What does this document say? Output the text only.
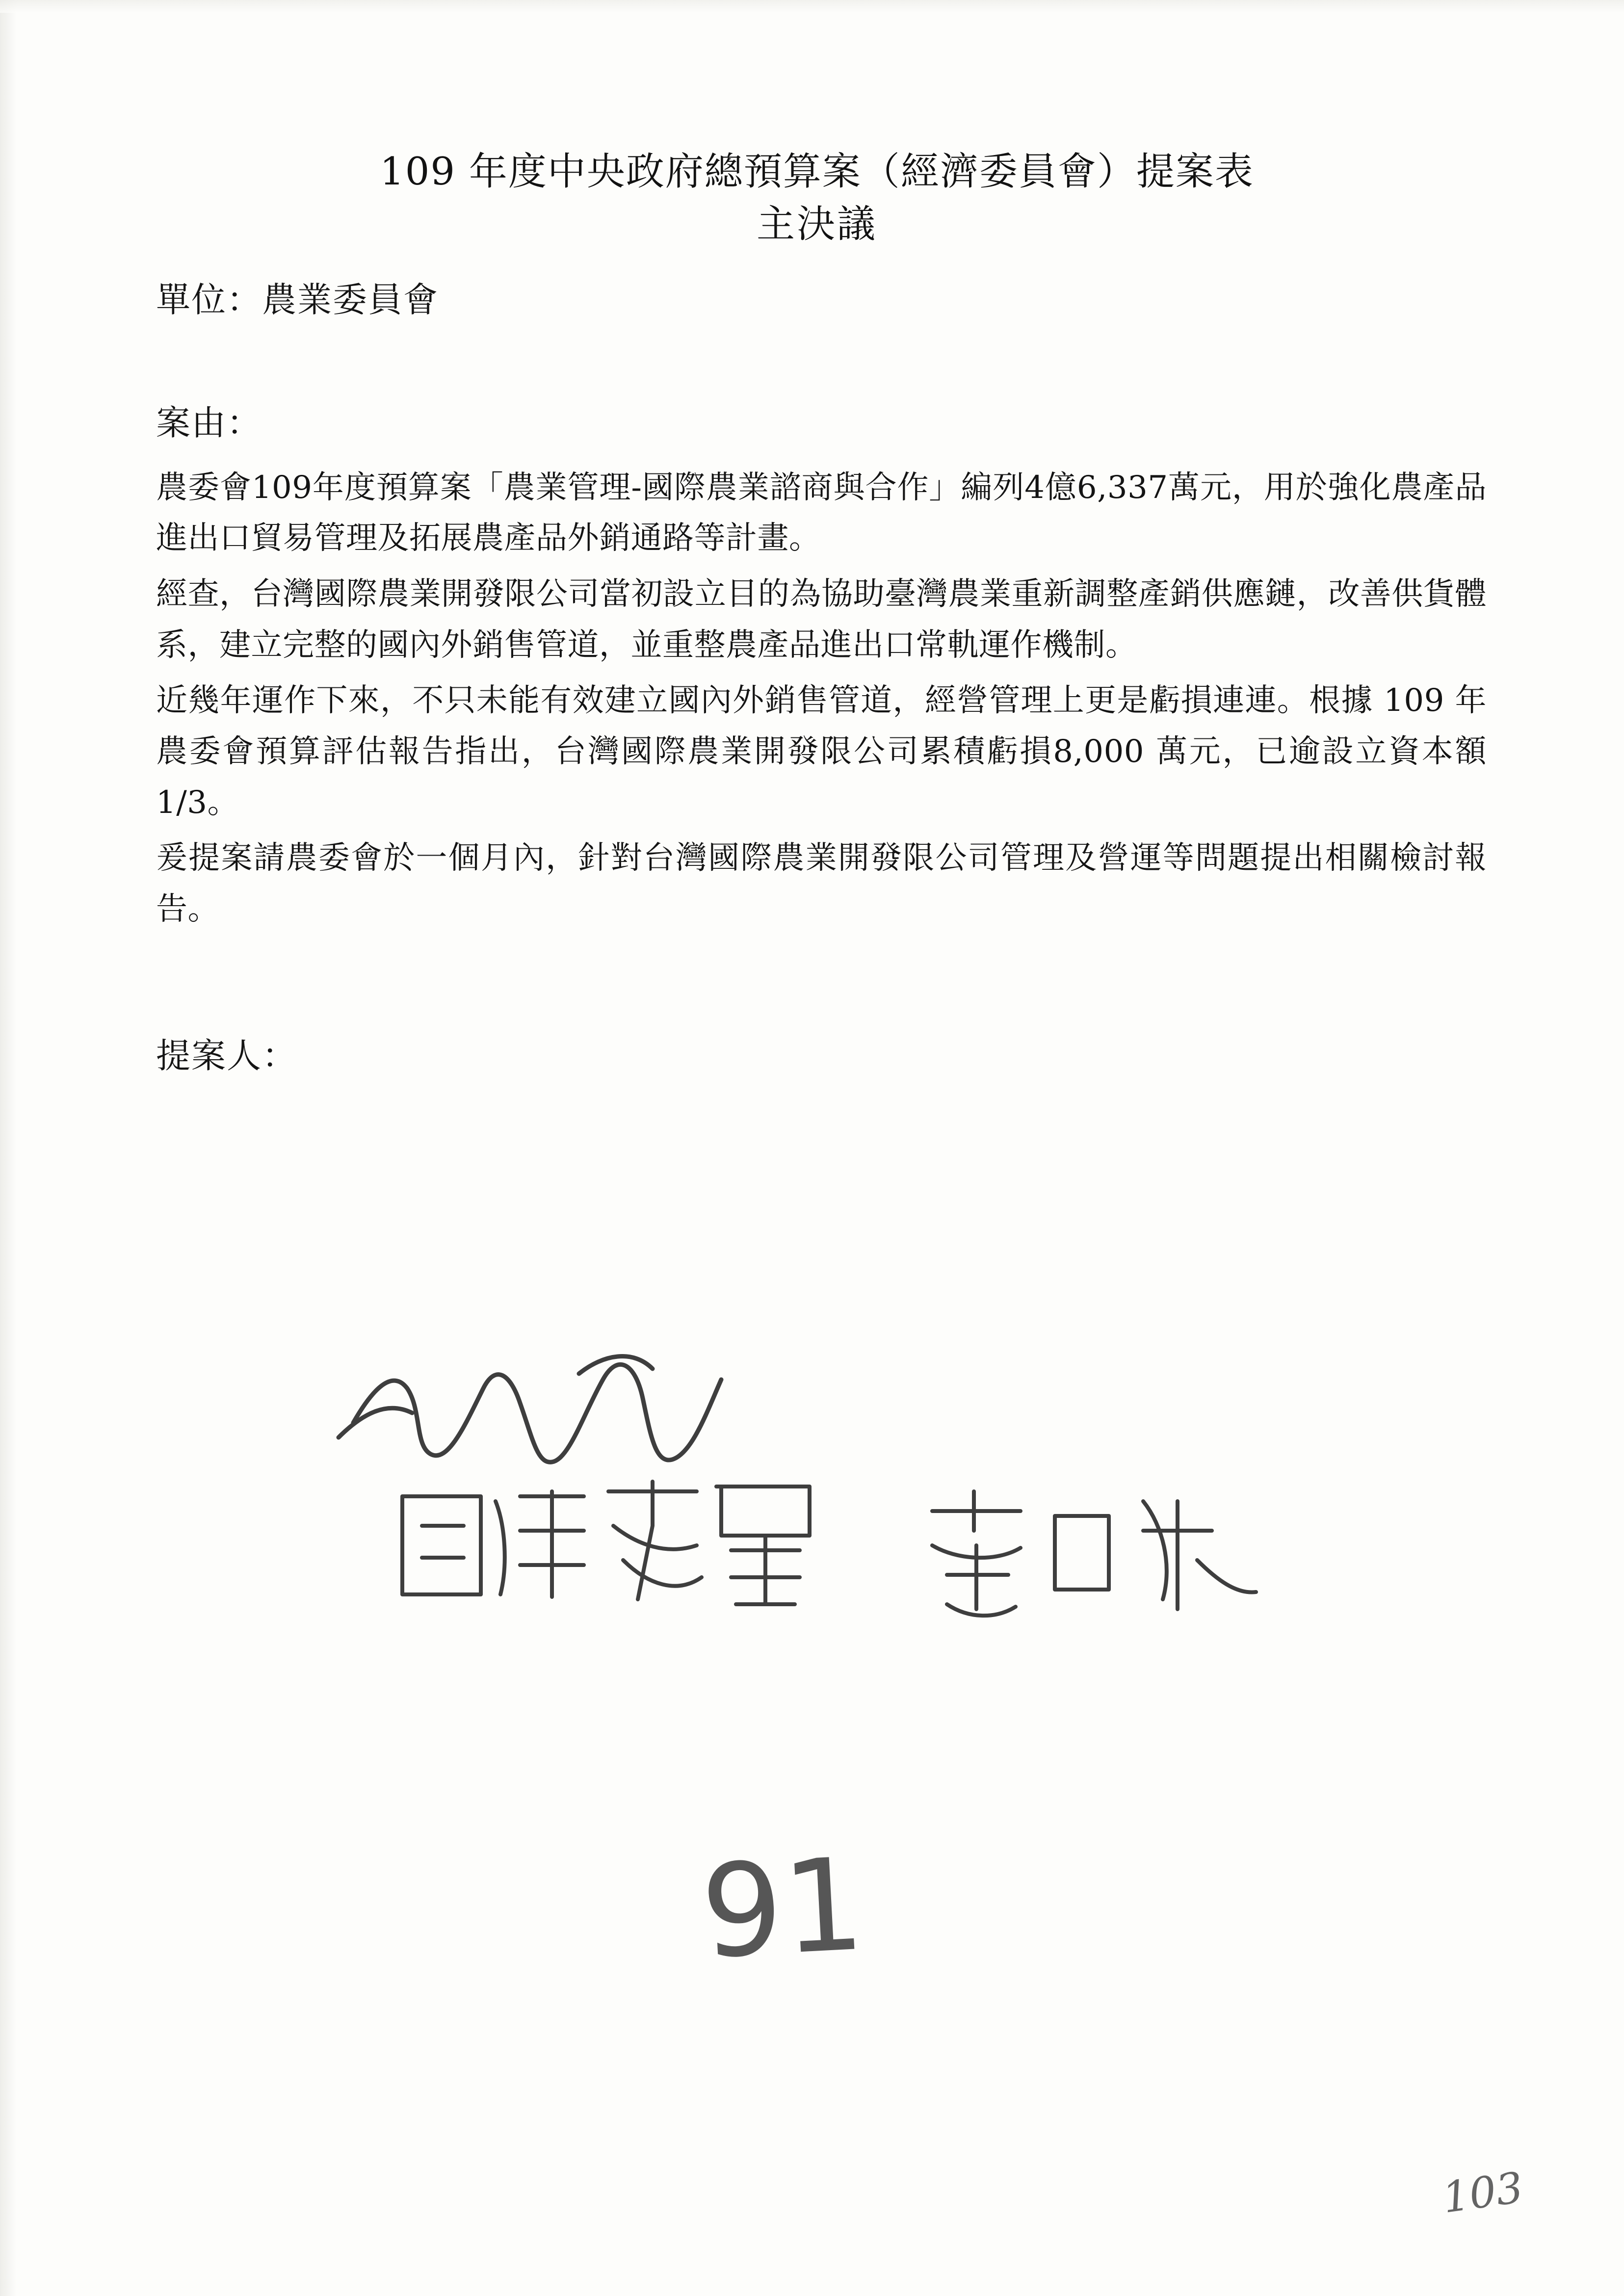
109 年度中央政府總預算案（經濟委員會）提案表
主決議
單位：農業委員會
案由：

農委會109年度預算案「農業管理-國際農業諮商與合作」編列4億6,337萬元，用於強化農產品進出口貿易管理及拓展農產品外銷通路等計畫。

經查，台灣國際農業開發限公司當初設立目的為協助臺灣農業重新調整產銷供應鏈，改善供貨體系，建立完整的國內外銷售管道，並重整農產品進出口常軌運作機制。

近幾年運作下來，不只未能有效建立國內外銷售管道，經營管理上更是虧損連連。根據 109 年農委會預算評估報告指出，台灣國際農業開發限公司累積虧損8,000 萬元，已逾設立資本額1/3。

爰提案請農委會於一個月內，針對台灣國際農業開發限公司管理及營運等問題提出相關檢討報告。

提案人：
91
103
